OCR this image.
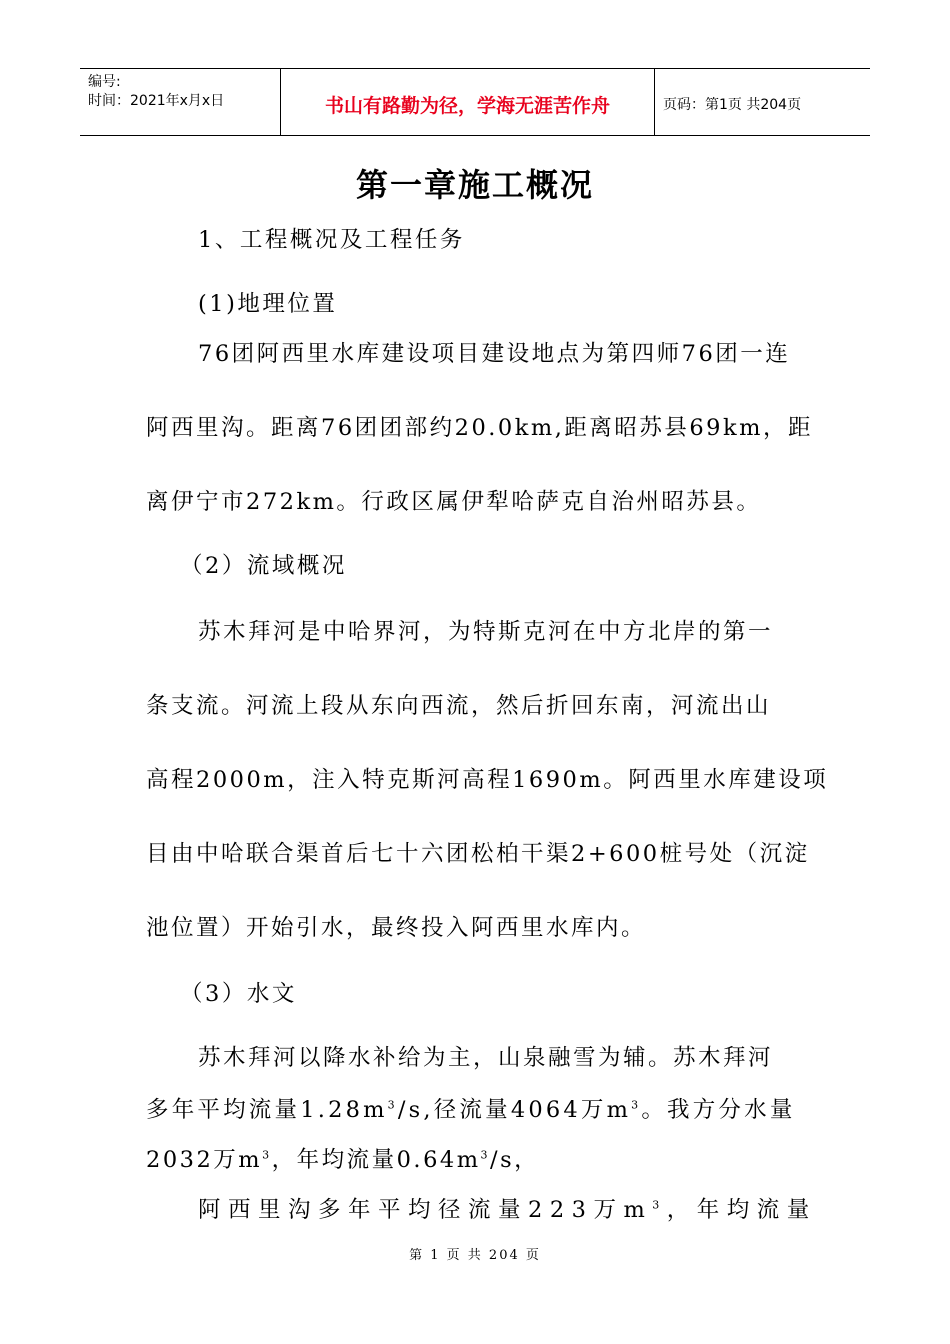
编号:
时间：2021年x月x日	书山有路勤为径，学海无涯苦作舟	页码：第1页 共204页
第一章施工概况
1、工程概况及工程任务
(1)地理位置
76团阿西里水库建设项目建设地点为第四师76团一连
阿西里沟。距离76团团部约20.0km,距离昭苏县69km，距
离伊宁市272km。行政区属伊犁哈萨克自治州昭苏县。
（2）流域概况
苏木拜河是中哈界河，为特斯克河在中方北岸的第一
条支流。河流上段从东向西流，然后折回东南，河流出山
高程2000m，注入特克斯河高程1690m。阿西里水库建设项
目由中哈联合渠首后七十六团松柏干渠2+600桩号处（沉淀
池位置）开始引水，最终投入阿西里水库内。
（3）水文
苏木拜河以降水补给为主，山泉融雪为辅。苏木拜河
多年平均流量$1.28m^3/s$,径流量4064万$m^3$。我方分水量
2032万$m^3$，年均流量$0.64m^3/s$，
阿西里沟多年平均径流量223万$m^3$，年均流量
第 1 页 共 204 页
